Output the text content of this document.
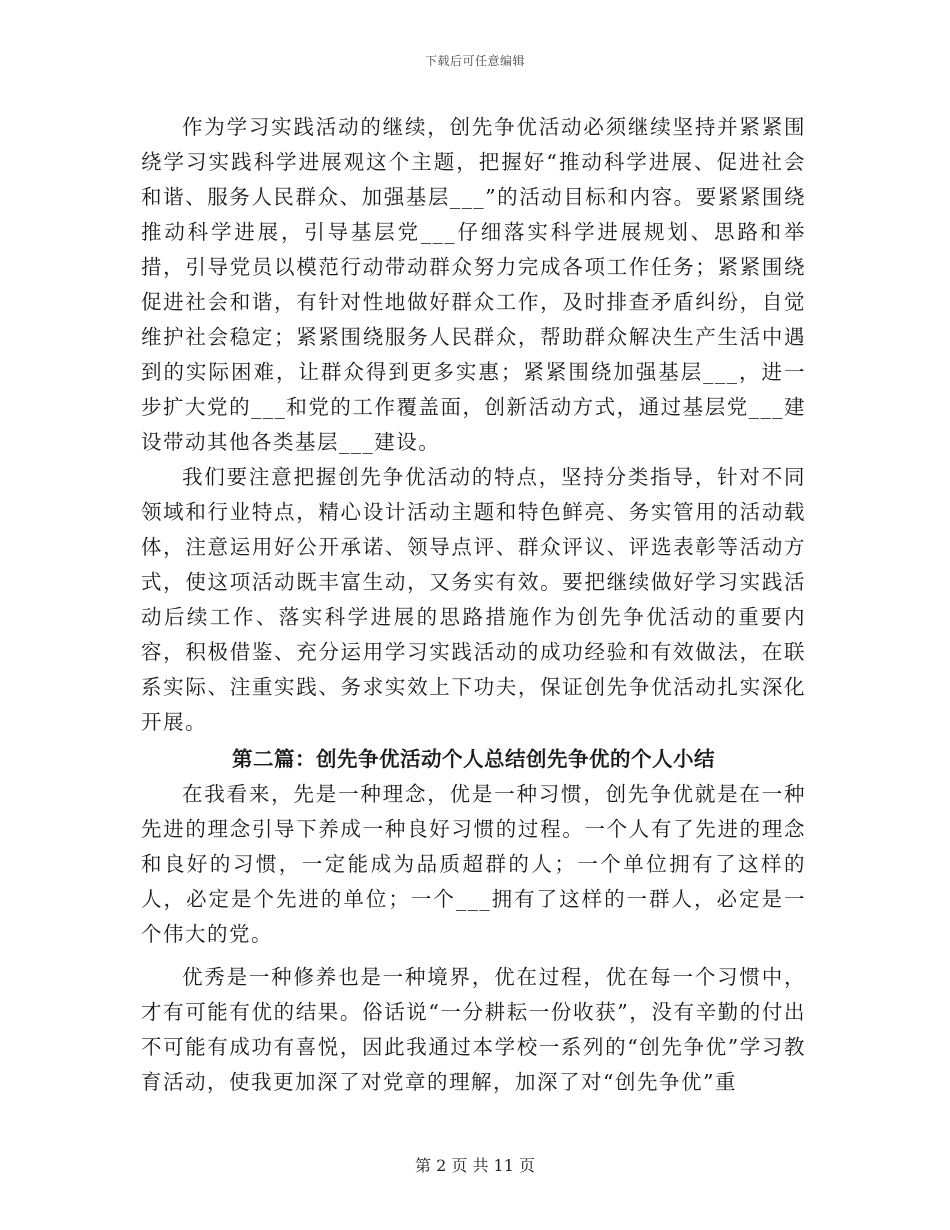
下载后可任意编辑

作为学习实践活动的继续，创先争优活动必须继续坚持并紧紧围绕学习实践科学进展观这个主题，把握好“推动科学进展、促进社会和谐、服务人民群众、加强基层___”的活动目标和内容。要紧紧围绕推动科学进展，引导基层党___仔细落实科学进展规划、思路和举措，引导党员以模范行动带动群众努力完成各项工作任务；紧紧围绕促进社会和谐，有针对性地做好群众工作，及时排查矛盾纠纷，自觉维护社会稳定；紧紧围绕服务人民群众，帮助群众解决生产生活中遇到的实际困难，让群众得到更多实惠；紧紧围绕加强基层___，进一步扩大党的___和党的工作覆盖面，创新活动方式，通过基层党___建设带动其他各类基层___建设。

我们要注意把握创先争优活动的特点，坚持分类指导，针对不同领域和行业特点，精心设计活动主题和特色鲜亮、务实管用的活动载体，注意运用好公开承诺、领导点评、群众评议、评选表彰等活动方式，使这项活动既丰富生动，又务实有效。要把继续做好学习实践活动后续工作、落实科学进展的思路措施作为创先争优活动的重要内容，积极借鉴、充分运用学习实践活动的成功经验和有效做法，在联系实际、注重实践、务求实效上下功夫，保证创先争优活动扎实深化开展。

第二篇：创先争优活动个人总结创先争优的个人小结

在我看来，先是一种理念，优是一种习惯，创先争优就是在一种先进的理念引导下养成一种良好习惯的过程。一个人有了先进的理念和良好的习惯，一定能成为品质超群的人；一个单位拥有了这样的人，必定是个先进的单位；一个___拥有了这样的一群人，必定是一个伟大的党。

优秀是一种修养也是一种境界，优在过程，优在每一个习惯中，才有可能有优的结果。俗话说“一分耕耘一份收获”，没有辛勤的付出不可能有成功有喜悦，因此我通过本学校一系列的“创先争优”学习教育活动，使我更加深了对党章的理解，加深了对“创先争优”重

第 2 页 共 11 页
